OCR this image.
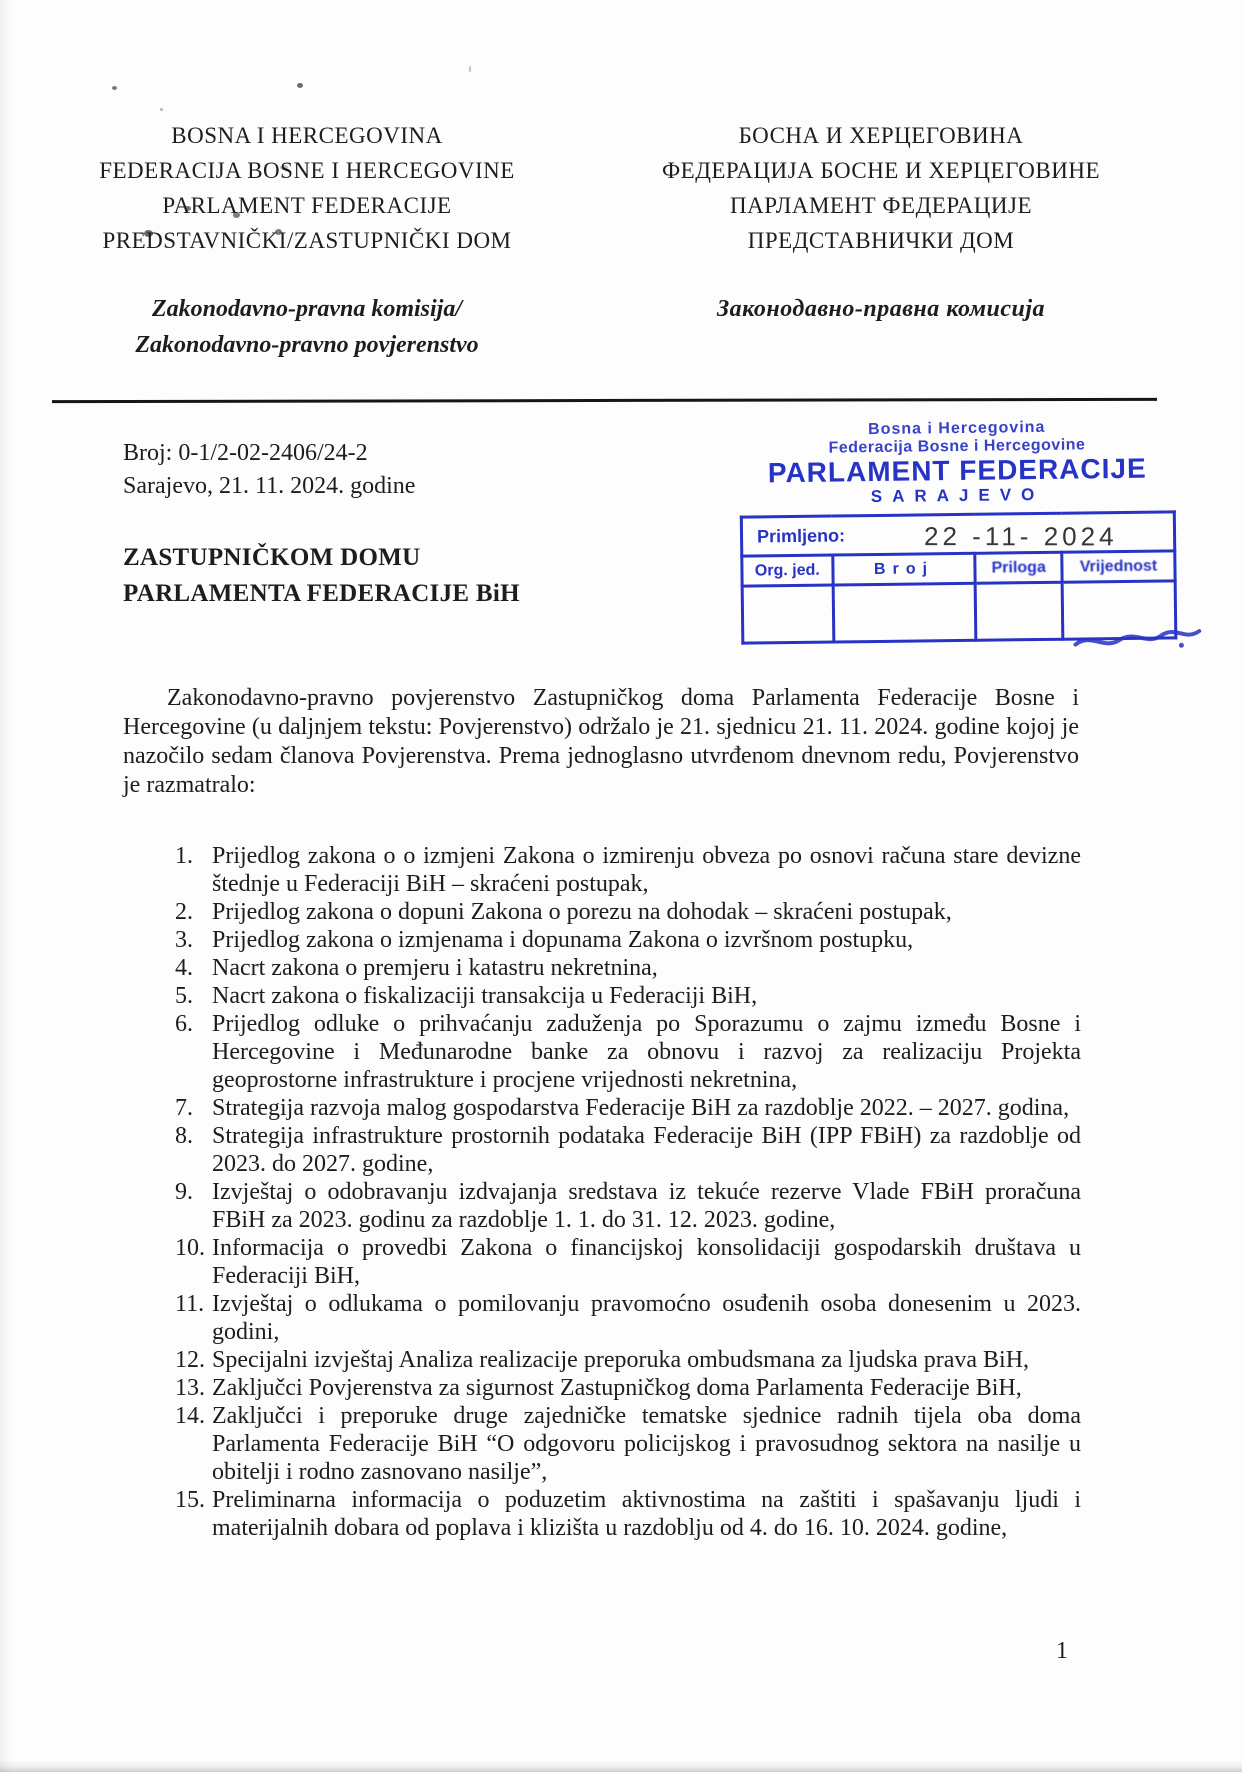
BOSNA I HERCEGOVINA
FEDERACIJA BOSNE I HERCEGOVINE
PARLAMENT FEDERACIJE
PREDSTAVNIČKI/ZASTUPNIČKI DOM
Zakonodavno-pravna komisija/
Zakonodavno-pravno povjerenstvo
БОСНА И ХЕРЦЕГОВИНА
ФЕДЕРАЦИЈА БОСНЕ И ХЕРЦЕГОВИНЕ
ПАРЛАМЕНТ ФЕДЕРАЦИЈЕ
ПРЕДСТАВНИЧКИ ДОМ
Законодавно-правна комисија
Broj: 0-1/2-02-2406/24-2
Sarajevo, 21. 11. 2024. godine
Bosna i Hercegovina
Federacija Bosne i Hercegovine
PARLAMENT FEDERACIJE
SARAJEVO
Primljeno: 22 -11- 2024			

Org. jed.	Broj	Priloga	Vrijednost

ZASTUPNIČKOM DOMU
PARLAMENTA FEDERACIJE BiH

Zakonodavno-pravno povjerenstvo Zastupničkog doma Parlamenta Federacije Bosne i Hercegovine (u daljnjem tekstu: Povjerenstvo) održalo je 21. sjednicu 21. 11. 2024. godine kojoj je nazočilo sedam članova Povjerenstva. Prema jednoglasno utvrđenom dnevnom redu, Povjerenstvo je razmatralo:

1. Prijedlog zakona o o izmjeni Zakona o izmirenju obveza po osnovi računa stare devizne štednje u Federaciji BiH – skraćeni postupak,
2. Prijedlog zakona o dopuni Zakona o porezu na dohodak – skraćeni postupak,
3. Prijedlog zakona o izmjenama i dopunama Zakona o izvršnom postupku,
4. Nacrt zakona o premjeru i katastru nekretnina,
5. Nacrt zakona o fiskalizaciji transakcija u Federaciji BiH,
6. Prijedlog odluke o prihvaćanju zaduženja po Sporazumu o zajmu između Bosne i Hercegovine i Međunarodne banke za obnovu i razvoj za realizaciju Projekta geoprostorne infrastrukture i procjene vrijednosti nekretnina,
7. Strategija razvoja malog gospodarstva Federacije BiH za razdoblje 2022. – 2027. godina,
8. Strategija infrastrukture prostornih podataka Federacije BiH (IPP FBiH) za razdoblje od 2023. do 2027. godine,
9. Izvještaj o odobravanju izdvajanja sredstava iz tekuće rezerve Vlade FBiH proračuna FBiH za 2023. godinu za razdoblje 1. 1. do 31. 12. 2023. godine,
10. Informacija o provedbi Zakona o financijskoj konsolidaciji gospodarskih društava u Federaciji BiH,
11. Izvještaj o odlukama o pomilovanju pravomoćno osuđenih osoba donesenim u 2023. godini,
12. Specijalni izvještaj Analiza realizacije preporuka ombudsmana za ljudska prava BiH,
13. Zaključci Povjerenstva za sigurnost Zastupničkog doma Parlamenta Federacije BiH,
14. Zaključci i preporuke druge zajedničke tematske sjednice radnih tijela oba doma Parlamenta Federacije BiH “O odgovoru policijskog i pravosudnog sektora na nasilje u obitelji i rodno zasnovano nasilje”,
15. Preliminarna informacija o poduzetim aktivnostima na zaštiti i spašavanju ljudi i materijalnih dobara od poplava i klizišta u razdoblju od 4. do 16. 10. 2024. godine,
1
